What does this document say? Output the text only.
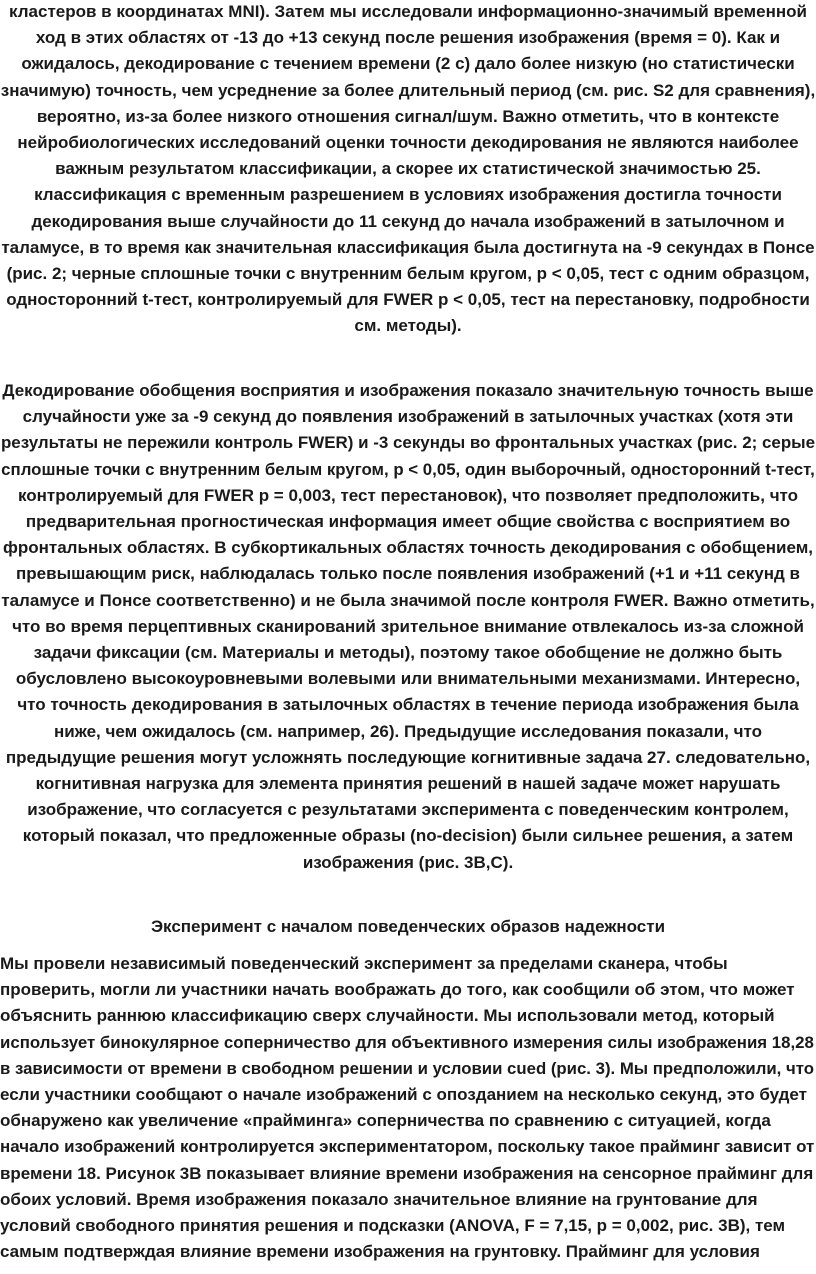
кластеров в координатах MNI). Затем мы исследовали информационно-значимый временной
ход в этих областях от -13 до +13 секунд после решения изображения (время = 0). Как и
ожидалось, декодирование с течением времени (2 с) дало более низкую (но статистически
значимую) точность, чем усреднение за более длительный период (см. рис. S2 для сравнения),
вероятно, из-за более низкого отношения сигнал/шум. Важно отметить, что в контексте
нейробиологических исследований оценки точности декодирования не являются наиболее
важным результатом классификации, а скорее их статистической значимостью 25.
классификация с временным разрешением в условиях изображения достигла точности
декодирования выше случайности до 11 секунд до начала изображений в затылочном и
таламусе, в то время как значительная классификация была достигнута на -9 секундах в Понсе
(рис. 2; черные сплошные точки с внутренним белым кругом, p < 0,05, тест с одним образцом,
односторонний t-тест, контролируемый для FWER p < 0,05, тест на перестановку, подробности
см. методы).

Декодирование обобщения восприятия и изображения показало значительную точность выше
случайности уже за -9 секунд до появления изображений в затылочных участках (хотя эти
результаты не пережили контроль FWER) и -3 секунды во фронтальных участках (рис. 2; серые
сплошные точки с внутренним белым кругом, p < 0,05, один выборочный, односторонний t-тест,
контролируемый для FWER p = 0,003, тест перестановок), что позволяет предположить, что
предварительная прогностическая информация имеет общие свойства с восприятием во
фронтальных областях. В субкортикальных областях точность декодирования с обобщением,
превышающим риск, наблюдалась только после появления изображений (+1 и +11 секунд в
таламусе и Понсе соответственно) и не была значимой после контроля FWER. Важно отметить,
что во время перцептивных сканирований зрительное внимание отвлекалось из-за сложной
задачи фиксации (см. Материалы и методы), поэтому такое обобщение не должно быть
обусловлено высокоуровневыми волевыми или внимательными механизмами. Интересно,
что точность декодирования в затылочных областях в течение периода изображения была
ниже, чем ожидалось (см. например, 26). Предыдущие исследования показали, что
предыдущие решения могут усложнять последующие когнитивные задача 27. следовательно,
когнитивная нагрузка для элемента принятия решений в нашей задаче может нарушать
изображение, что согласуется с результатами эксперимента с поведенческим контролем,
который показал, что предложенные образы (no-decision) были сильнее решения, а затем
изображения (рис. 3B,C).

Эксперимент с началом поведенческих образов надежности

Мы провели независимый поведенческий эксперимент за пределами сканера, чтобы
проверить, могли ли участники начать воображать до того, как сообщили об этом, что может
объяснить раннюю классификацию сверх случайности. Мы использовали метод, который
использует бинокулярное соперничество для объективного измерения силы изображения 18,28
в зависимости от времени в свободном решении и условии cued (рис. 3). Мы предположили, что
если участники сообщают о начале изображений с опозданием на несколько секунд, это будет
обнаружено как увеличение «прайминга» соперничества по сравнению с ситуацией, когда
начало изображений контролируется экспериментатором, поскольку такое прайминг зависит от
времени 18. Рисунок 3B показывает влияние времени изображения на сенсорное прайминг для
обоих условий. Время изображения показало значительное влияние на грунтование для
условий свободного принятия решения и подсказки (ANOVA, F = 7,15, p = 0,002, рис. 3B), тем
самым подтверждая влияние времени изображения на грунтовку. Прайминг для условия
